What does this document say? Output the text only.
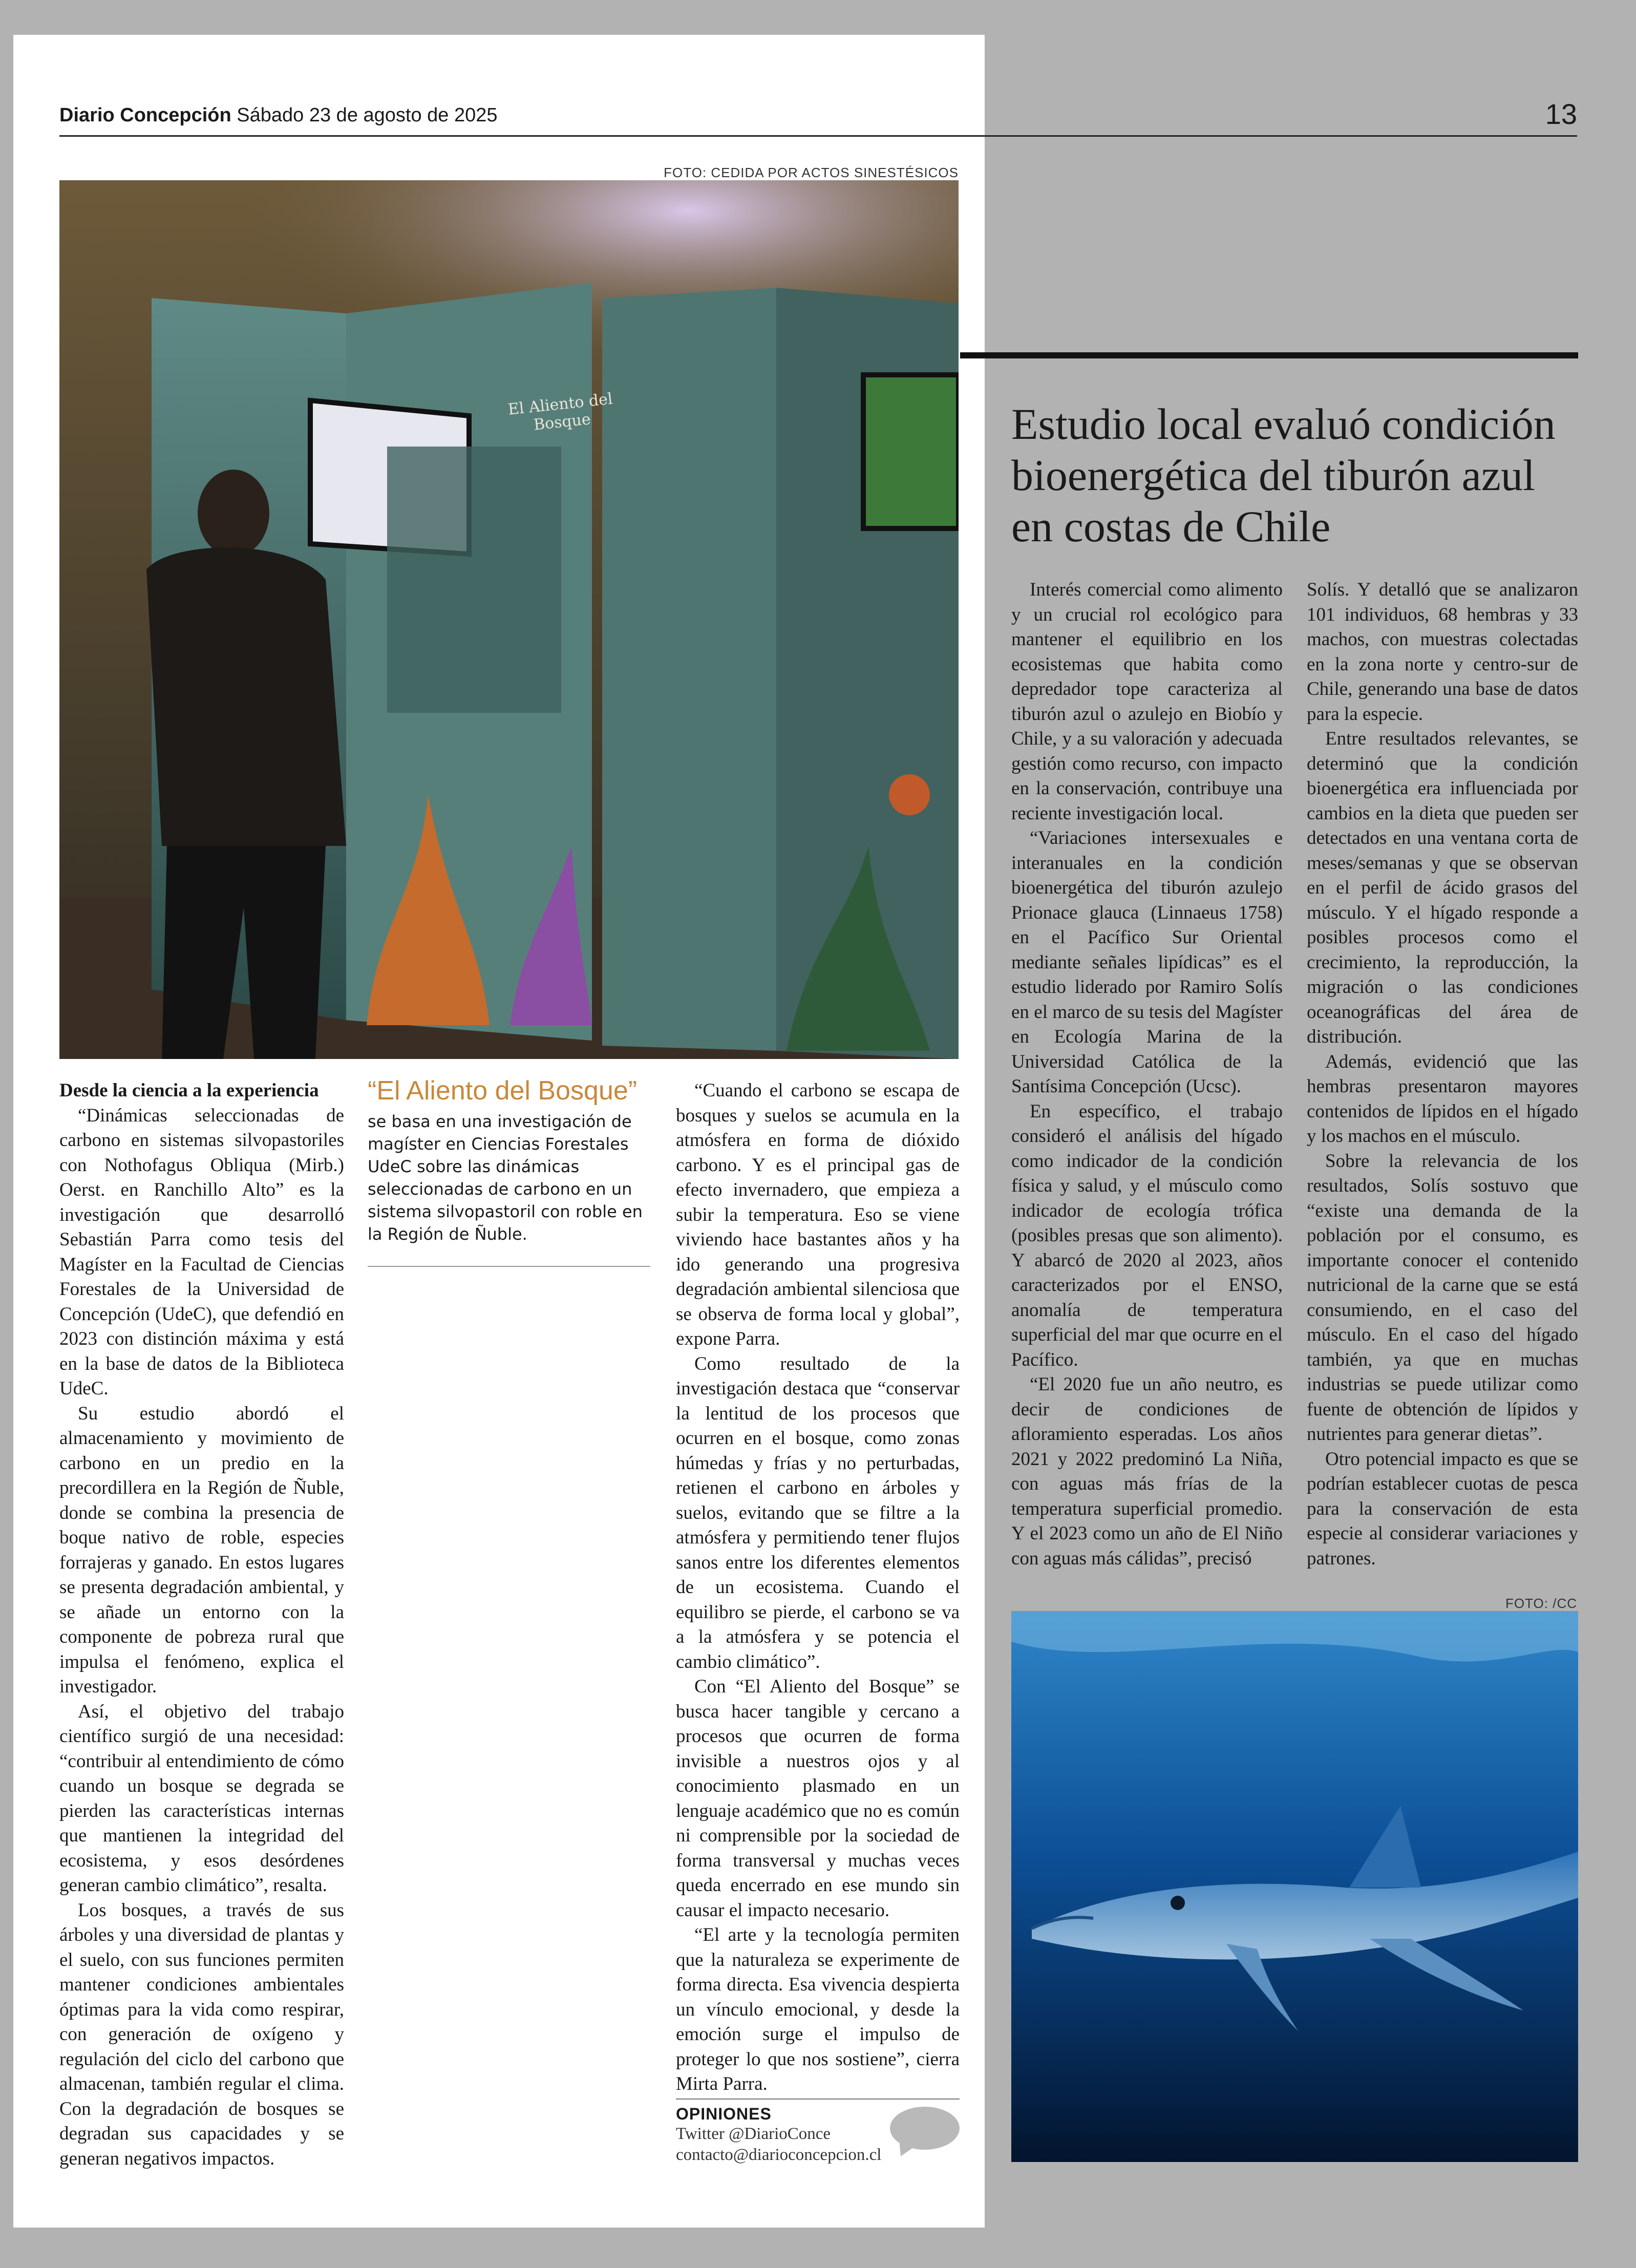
Diario Concepción Sábado 23 de agosto de 2025	13
FOTO: CEDIDA POR ACTOS SINESTÉSICOS
El Aliento del Bosque

Desde la ciencia a la experiencia

“Dinámicas seleccionadas de carbono en sistemas silvopastoriles con Nothofagus Obliqua (Mirb.) Oerst. en Ranchillo Alto” es la investigación que desarrolló Sebastián Parra como tesis del Magíster en la Facultad de Ciencias Forestales de la Universidad de Concepción (UdeC), que defendió en 2023 con distinción máxima y está en la base de datos de la Biblioteca UdeC.

Su estudio abordó el almacenamiento y movimiento de carbono en un predio en la precordillera en la Región de Ñuble, donde se combina la presencia de boque nativo de roble, especies forrajeras y ganado. En estos lugares se presenta degradación ambiental, y se añade un entorno con la componente de pobreza rural que impulsa el fenómeno, explica el investigador.

Así, el objetivo del trabajo científico surgió de una necesidad: “contribuir al entendimiento de cómo cuando un bosque se degrada se pierden las características internas que mantienen la integridad del ecosistema, y esos desórdenes generan cambio climático”, resalta.

Los bosques, a través de sus árboles y una diversidad de plantas y el suelo, con sus funciones permiten mantener condiciones ambientales óptimas para la vida como respirar, con generación de oxígeno y regulación del ciclo del carbono que almacenan, también regular el clima. Con la degradación de bosques se degradan sus capacidades y se generan negativos impactos.

“El Aliento del Bosque”
se basa en una investigación de magíster en Ciencias Forestales UdeC sobre las dinámicas seleccionadas de carbono en un sistema silvopastoril con roble en la Región de Ñuble.

“Cuando el carbono se escapa de bosques y suelos se acumula en la atmósfera en forma de dióxido carbono. Y es el principal gas de efecto invernadero, que empieza a subir la temperatura. Eso se viene viviendo hace bastantes años y ha ido generando una progresiva degradación ambiental silenciosa que se observa de forma local y global”, expone Parra.

Como resultado de la investigación destaca que “conservar la lentitud de los procesos que ocurren en el bosque, como zonas húmedas y frías y no perturbadas, retienen el carbono en árboles y suelos, evitando que se filtre a la atmósfera y permitiendo tener flujos sanos entre los diferentes elementos de un ecosistema. Cuando el equilibro se pierde, el carbono se va a la atmósfera y se potencia el cambio climático”.

Con “El Aliento del Bosque” se busca hacer tangible y cercano a procesos que ocurren de forma invisible a nuestros ojos y al conocimiento plasmado en un lenguaje académico que no es común ni comprensible por la sociedad de forma transversal y muchas veces queda encerrado en ese mundo sin causar el impacto necesario.

“El arte y la tecnología permiten que la naturaleza se experimente de forma directa. Esa vivencia despierta un vínculo emocional, y desde la emoción surge el impulso de proteger lo que nos sostiene”, cierra Mirta Parra.

OPINIONES
Twitter @DiarioConce
contacto@diarioconcepcion.cl
Estudio local evaluó condición bioenergética del tiburón azul en costas de Chile

Interés comercial como alimento y un crucial rol ecológico para mantener el equilibrio en los ecosistemas que habita como depredador tope caracteriza al tiburón azul o azulejo en Biobío y Chile, y a su valoración y adecuada gestión como recurso, con impacto en la conservación, contribuye una reciente investigación local.

“Variaciones intersexuales e interanuales en la condición bioenergética del tiburón azulejo Prionace glauca (Linnaeus 1758) en el Pacífico Sur Oriental mediante señales lipídicas” es el estudio liderado por Ramiro Solís en el marco de su tesis del Magíster en Ecología Marina de la Universidad Católica de la Santísima Concepción (Ucsc).

En específico, el trabajo consideró el análisis del hígado como indicador de la condición física y salud, y el músculo como indicador de ecología trófica (posibles presas que son alimento). Y abarcó de 2020 al 2023, años caracterizados por el ENSO, anomalía de temperatura superficial del mar que ocurre en el Pacífico.

“El 2020 fue un año neutro, es decir de condiciones de afloramiento esperadas. Los años 2021 y 2022 predominó La Niña, con aguas más frías de la temperatura superficial promedio. Y el 2023 como un año de El Niño con aguas más cálidas”, precisó

Solís. Y detalló que se analizaron 101 individuos, 68 hembras y 33 machos, con muestras colectadas en la zona norte y centro-sur de Chile, generando una base de datos para la especie.

Entre resultados relevantes, se determinó que la condición bioenergética era influenciada por cambios en la dieta que pueden ser detectados en una ventana corta de meses/semanas y que se observan en el perfil de ácido grasos del músculo. Y el hígado responde a posibles procesos como el crecimiento, la reproducción, la migración o las condiciones oceanográficas del área de distribución.

Además, evidenció que las hembras presentaron mayores contenidos de lípidos en el hígado y los machos en el músculo.

Sobre la relevancia de los resultados, Solís sostuvo que “existe una demanda de la población por el consumo, es importante conocer el contenido nutricional de la carne que se está consumiendo, en el caso del músculo. En el caso del hígado también, ya que en muchas industrias se puede utilizar como fuente de obtención de lípidos y nutrientes para generar dietas”.

Otro potencial impacto es que se podrían establecer cuotas de pesca para la conservación de esta especie al considerar variaciones y patrones.

FOTO: /CC
